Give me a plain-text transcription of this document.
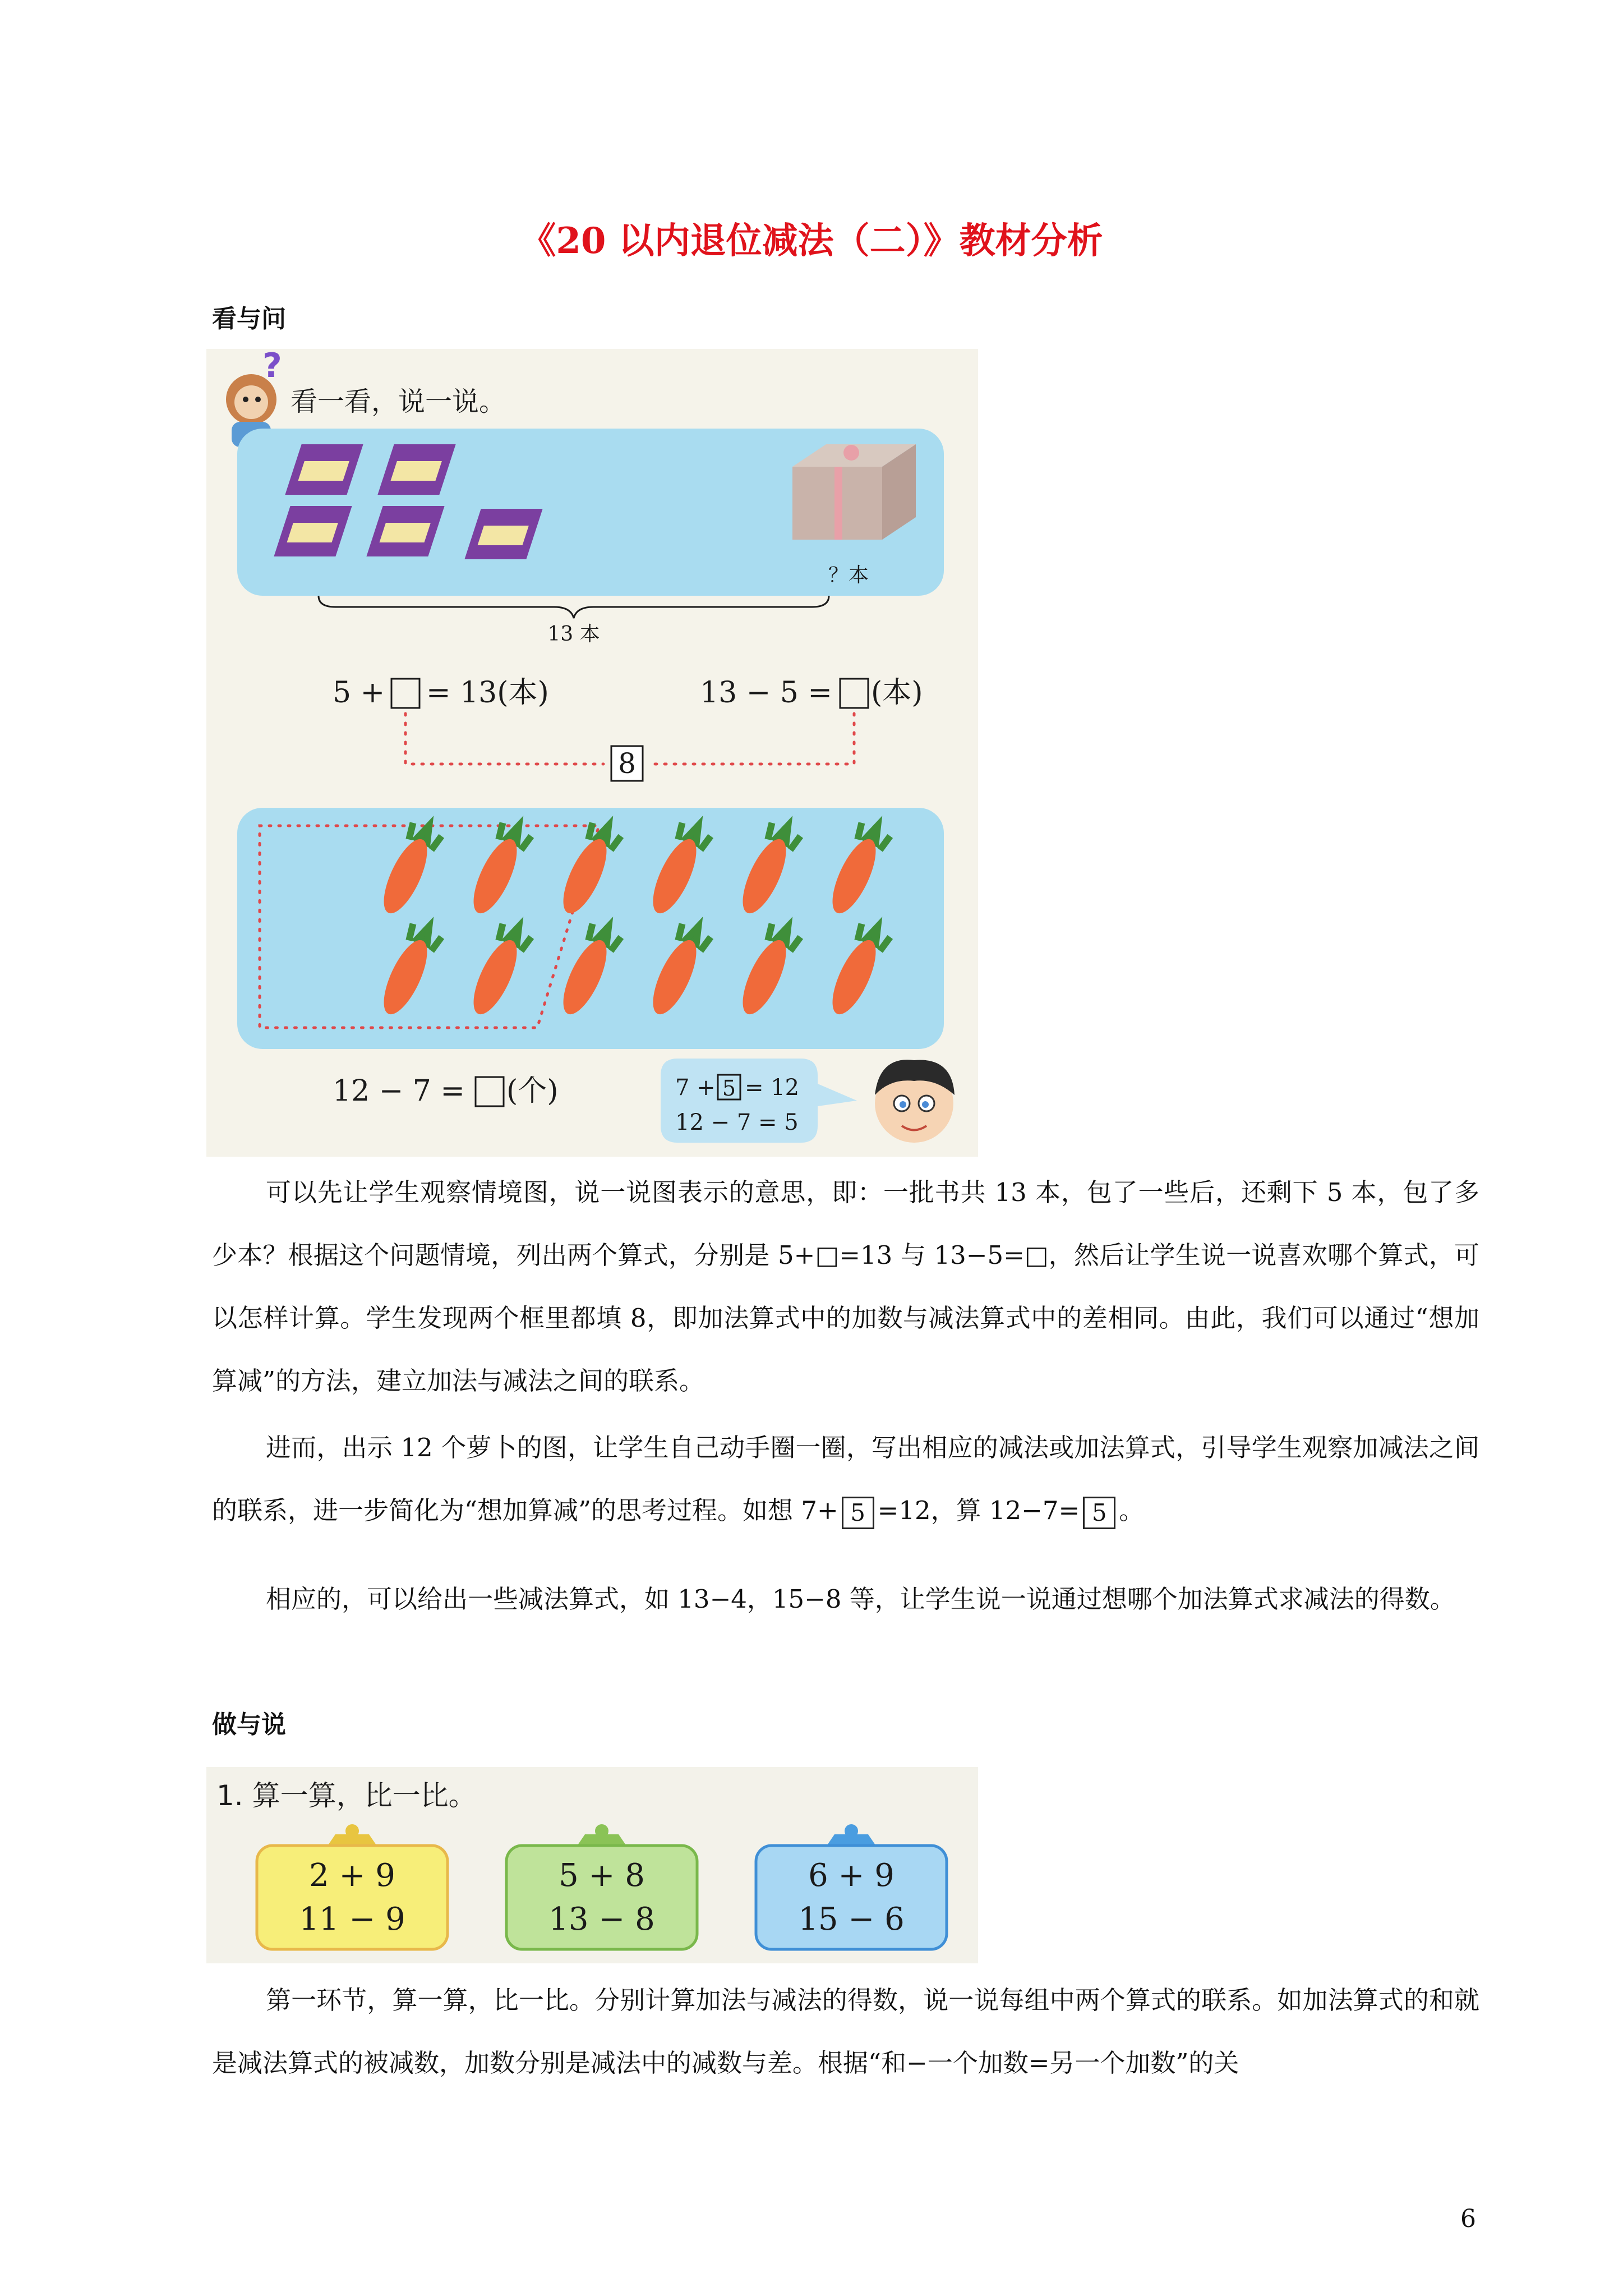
《20 以内退位减法（二）》教材分析
看与问
?
看一看，说一说。
？本
13 本
5 + = 13(本)	13 − 5 = (本)
8
12 − 7 = (个)	7 + 5 = 12
12 − 7 = 5

可以先让学生观察情境图，说一说图表示的意思，即：一批书共 13 本，包了一些后，还剩下 5 本，包了多少本？根据这个问题情境，列出两个算式，分别是 5+□=13 与 13−5=□，然后让学生说一说喜欢哪个算式，可以怎样计算。学生发现两个框里都填 8，即加法算式中的加数与减法算式中的差相同。由此，我们可以通过“想加算减”的方法，建立加法与减法之间的联系。

进而，出示 12 个萝卜的图，让学生自己动手圈一圈，写出相应的减法或加法算式，引导学生观察加减法之间的联系，进一步简化为“想加算减”的思考过程。如想 7+ 5 =12，算 12−7= 5 。

相应的，可以给出一些减法算式，如 13−4，15−8 等，让学生说一说通过想哪个加法算式求减法的得数。

做与说
1. 算一算，比一比。
2 + 9
11 − 9
5 + 8
13 − 8
6 + 9
15 − 6

第一环节，算一算，比一比。分别计算加法与减法的得数，说一说每组中两个算式的联系。如加法算式的和就是减法算式的被减数，加数分别是减法中的减数与差。根据“和−一个加数=另一个加数”的关

6
